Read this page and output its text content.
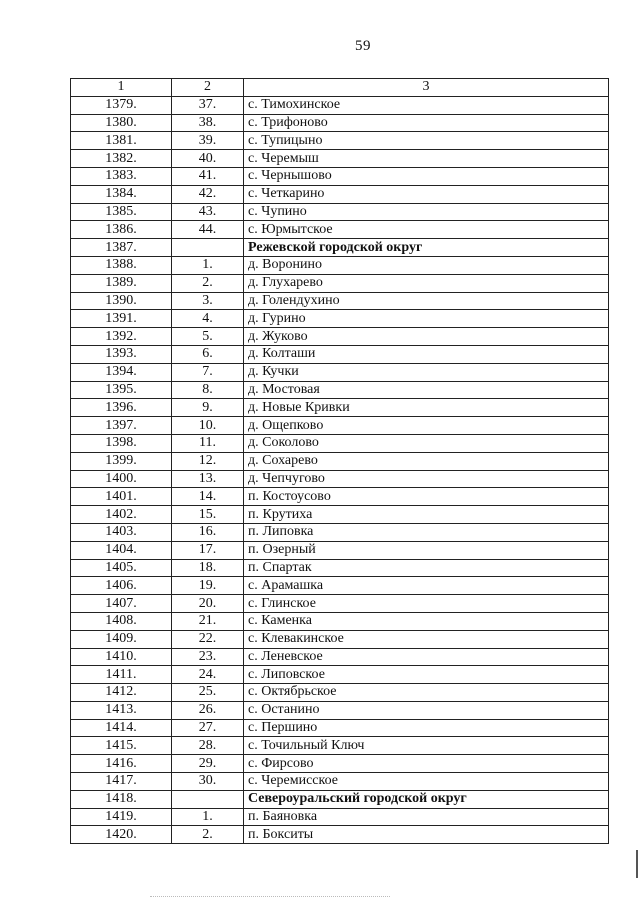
59
1	2	3
1379.	37.	с. Тимохинское
1380.	38.	с. Трифоново
1381.	39.	с. Тупицыно
1382.	40.	с. Черемыш
1383.	41.	с. Чернышово
1384.	42.	с. Четкарино
1385.	43.	с. Чупино
1386.	44.	с. Юрмытское
1387.		Режевской городской округ
1388.	1.	д. Воронино
1389.	2.	д. Глухарево
1390.	3.	д. Голендухино
1391.	4.	д. Гурино
1392.	5.	д. Жуково
1393.	6.	д. Колташи
1394.	7.	д. Кучки
1395.	8.	д. Мостовая
1396.	9.	д. Новые Кривки
1397.	10.	д. Ощепково
1398.	11.	д. Соколово
1399.	12.	д. Сохарево
1400.	13.	д. Чепчугово
1401.	14.	п. Костоусово
1402.	15.	п. Крутиха
1403.	16.	п. Липовка
1404.	17.	п. Озерный
1405.	18.	п. Спартак
1406.	19.	с. Арамашка
1407.	20.	с. Глинское
1408.	21.	с. Каменка
1409.	22.	с. Клевакинское
1410.	23.	с. Леневское
1411.	24.	с. Липовское
1412.	25.	с. Октябрьское
1413.	26.	с. Останино
1414.	27.	с. Першино
1415.	28.	с. Точильный Ключ
1416.	29.	с. Фирсово
1417.	30.	с. Черемисское
1418.		Североуральский городской округ
1419.	1.	п. Баяновка
1420.	2.	п. Бокситы
